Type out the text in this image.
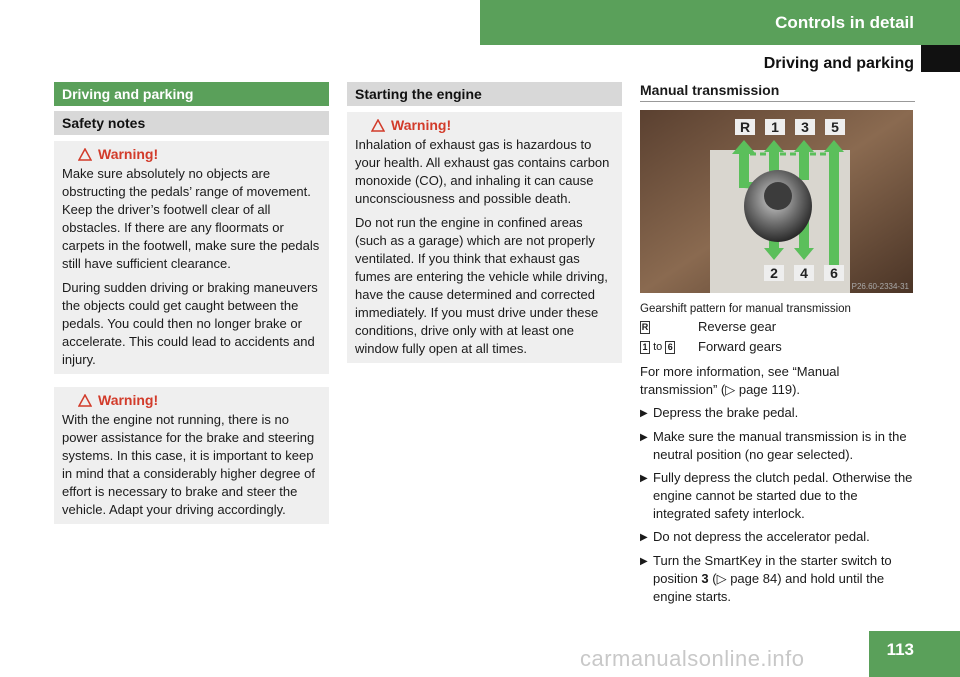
Controls in detail
Driving and parking
Driving and parking
Safety notes
Warning!

Make sure absolutely no objects are obstructing the pedals’ range of movement. Keep the driver’s footwell clear of all obstacles. If there are any floormats or carpets in the footwell, make sure the pedals still have sufficient clearance.

During sudden driving or braking maneuvers the objects could get caught between the pedals. You could then no longer brake or accelerate. This could lead to accidents and injury.

Warning!

With the engine not running, there is no power assistance for the brake and steering systems. In this case, it is important to keep in mind that a considerably higher degree of effort is necessary to brake and steer the vehicle. Adapt your driving accordingly.

Starting the engine
Warning!

Inhalation of exhaust gas is hazardous to your health. All exhaust gas contains carbon monoxide (CO), and inhaling it can cause unconsciousness and possible death.

Do not run the engine in confined areas (such as a garage) which are not properly ventilated. If you think that exhaust gas fumes are entering the vehicle while driving, have the cause determined and corrected immediately. If you must drive under these conditions, drive only with at least one window fully open at all times.

Manual transmission
R	1	3	5
2	4	6
P26.60-2334-31
Gearshift pattern for manual transmission
R	Reverse gear
1 to 6	Forward gears
For more information, see “Manual transmission” (▷ page 119).
▶ Depress the brake pedal.
▶ Make sure the manual transmission is in the neutral position (no gear selected).
▶ Fully depress the clutch pedal. Otherwise the engine cannot be started due to the integrated safety interlock.
▶ Do not depress the accelerator pedal.
▶ Turn the SmartKey in the starter switch to position 3 (▷ page 84) and hold until the engine starts.
carmanualsonline.info	113
